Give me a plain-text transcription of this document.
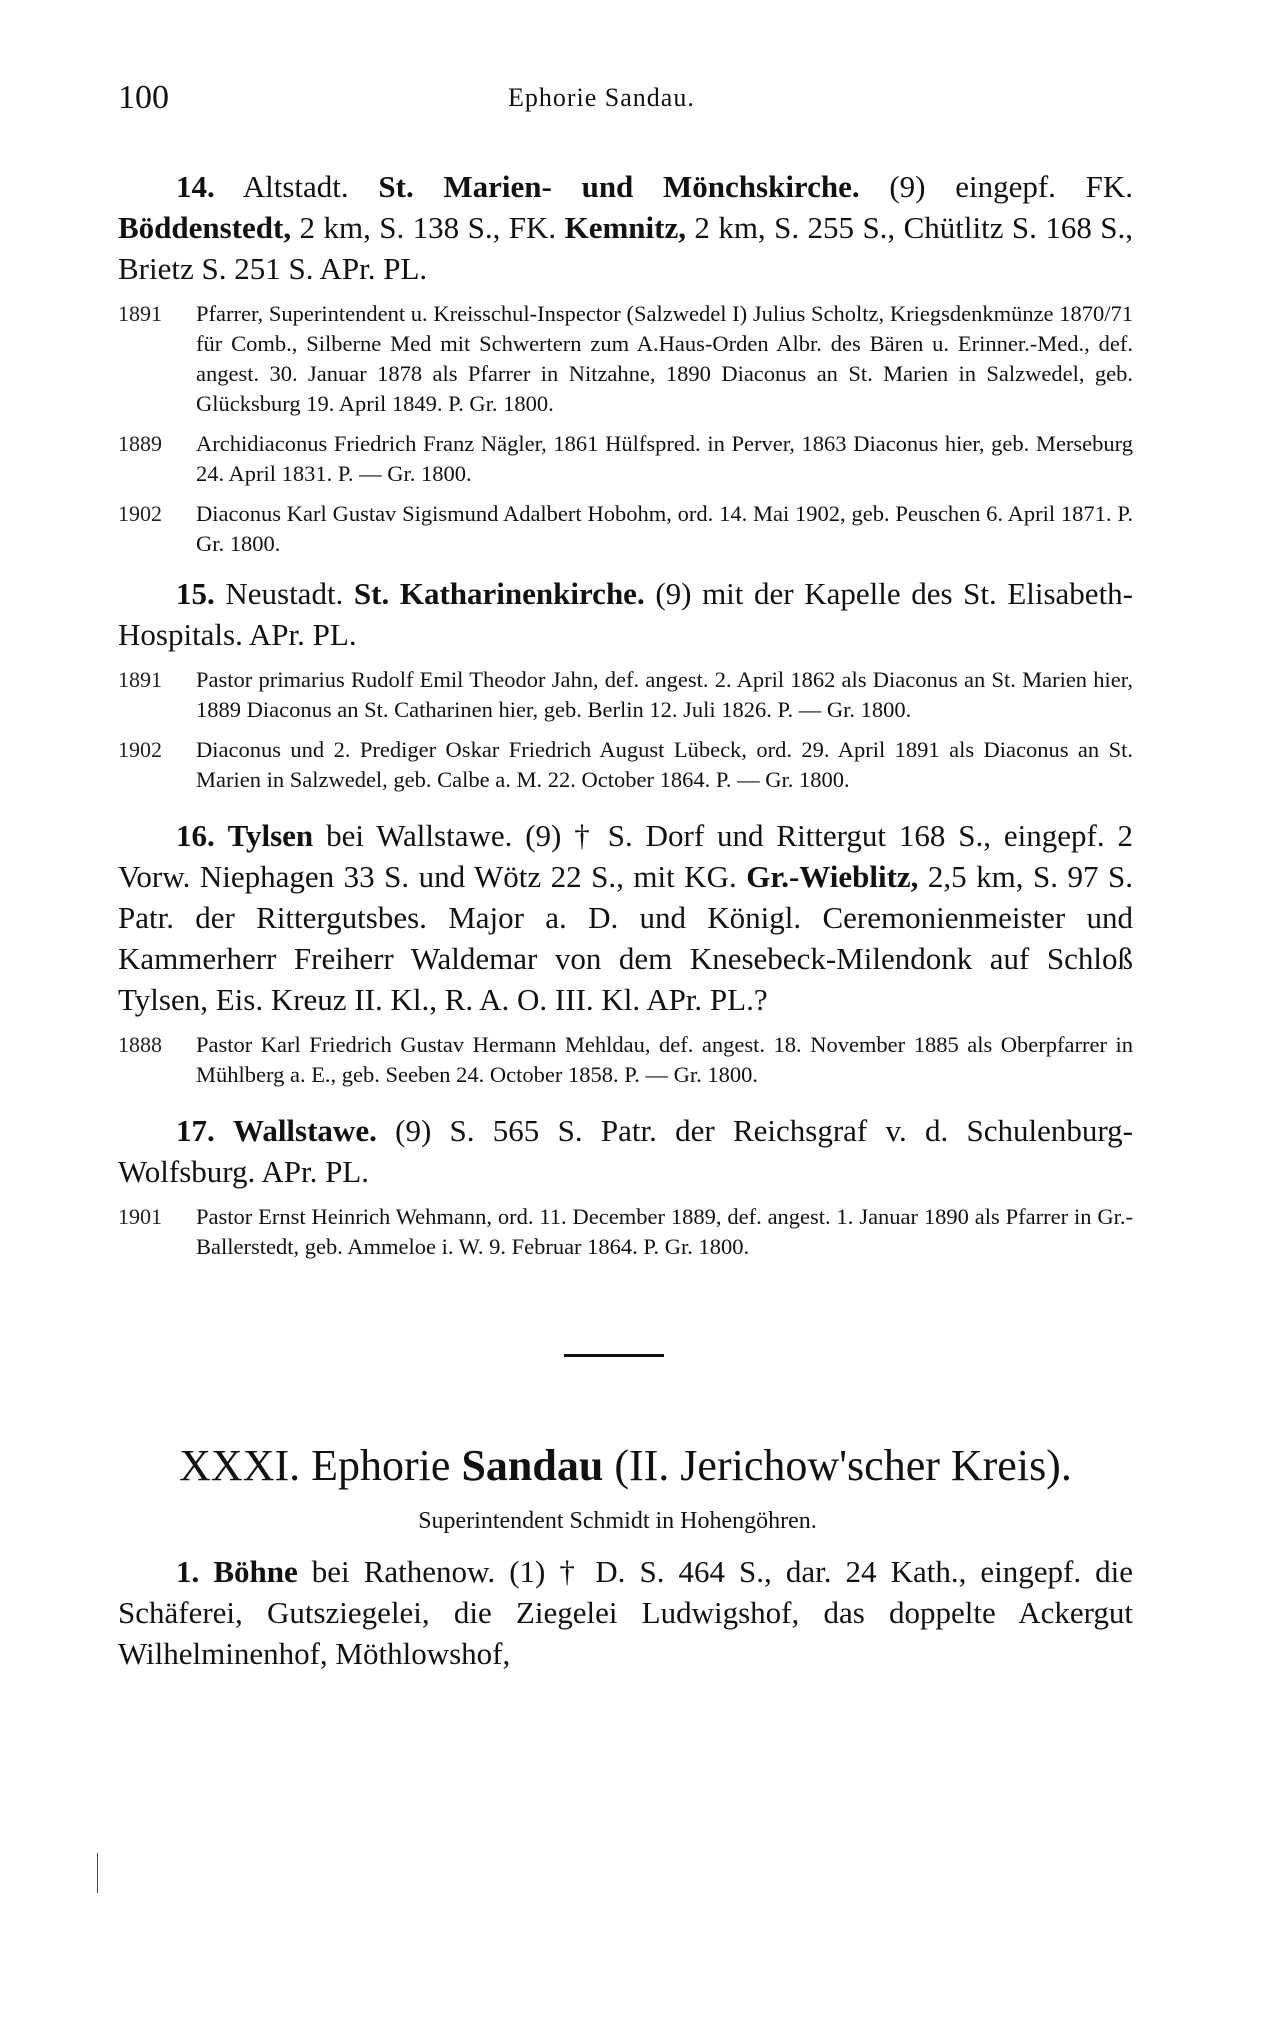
100	Ephorie Sandau.

14. Altstadt. St. Marien- und Mönchskirche. (9) eingepf. FK. Böddenstedt, 2 km, S. 138 S., FK. Kemnitz, 2 km, S. 255 S., Chütlitz S. 168 S., Brietz S. 251 S. APr. PL.

1891	Pfarrer, Superintendent u. Kreisschul-Inspector (Salzwedel I) Julius Scholtz, Kriegsdenkmünze 1870/71 für Comb., Silberne Med mit Schwertern zum A.Haus-Orden Albr. des Bären u. Erinner.-Med., def. angest. 30. Januar 1878 als Pfarrer in Nitzahne, 1890 Diaconus an St. Marien in Salzwedel, geb. Glücksburg 19. April 1849. P. Gr. 1800.
1889	Archidiaconus Friedrich Franz Nägler, 1861 Hülfspred. in Perver, 1863 Diaconus hier, geb. Merseburg 24. April 1831. P. — Gr. 1800.
1902	Diaconus Karl Gustav Sigismund Adalbert Hobohm, ord. 14. Mai 1902, geb. Peuschen 6. April 1871. P. Gr. 1800.

15. Neustadt. St. Katharinenkirche. (9) mit der Kapelle des St. Elisabeth-Hospitals. APr. PL.

1891	Pastor primarius Rudolf Emil Theodor Jahn, def. angest. 2. April 1862 als Diaconus an St. Marien hier, 1889 Diaconus an St. Catharinen hier, geb. Berlin 12. Juli 1826. P. — Gr. 1800.
1902	Diaconus und 2. Prediger Oskar Friedrich August Lübeck, ord. 29. April 1891 als Diaconus an St. Marien in Salzwedel, geb. Calbe a. M. 22. October 1864. P. — Gr. 1800.

16. Tylsen bei Wallstawe. (9) † S. Dorf und Rittergut 168 S., eingepf. 2 Vorw. Niephagen 33 S. und Wötz 22 S., mit KG. Gr.-Wieblitz, 2,5 km, S. 97 S. Patr. der Rittergutsbes. Major a. D. und Königl. Ceremonienmeister und Kammerherr Freiherr Waldemar von dem Knesebeck-Milendonk auf Schloß Tylsen, Eis. Kreuz II. Kl., R. A. O. III. Kl. APr. PL.?

1888	Pastor Karl Friedrich Gustav Hermann Mehldau, def. angest. 18. November 1885 als Oberpfarrer in Mühlberg a. E., geb. Seeben 24. October 1858. P. — Gr. 1800.

17. Wallstawe. (9) S. 565 S. Patr. der Reichsgraf v. d. Schulenburg-Wolfsburg. APr. PL.

1901	Pastor Ernst Heinrich Wehmann, ord. 11. December 1889, def. angest. 1. Januar 1890 als Pfarrer in Gr.-Ballerstedt, geb. Ammeloe i. W. 9. Februar 1864. P. Gr. 1800.
XXXI. Ephorie Sandau (II. Jerichow'scher Kreis).
Superintendent Schmidt in Hohengöhren.

1. Böhne bei Rathenow. (1) † D. S. 464 S., dar. 24 Kath., eingepf. die Schäferei, Gutsziegelei, die Ziegelei Ludwigshof, das doppelte Ackergut Wilhelminenhof, Möthlowshof,
